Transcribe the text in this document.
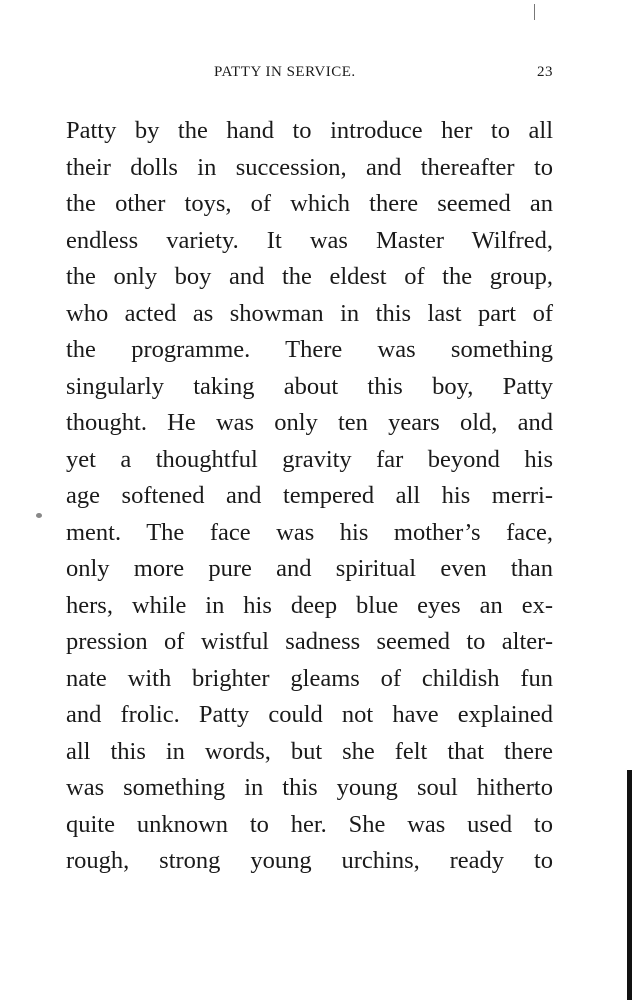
PATTY IN SERVICE.	23
Patty by the hand to introduce her to all
their dolls in succession, and thereafter to
the other toys, of which there seemed an
endless variety. It was Master Wilfred,
the only boy and the eldest of the group,
who acted as showman in this last part of
the programme. There was something
singularly taking about this boy, Patty
thought. He was only ten years old, and
yet a thoughtful gravity far beyond his
age softened and tempered all his merri-
ment. The face was his mother’s face,
only more pure and spiritual even than
hers, while in his deep blue eyes an ex-
pression of wistful sadness seemed to alter-
nate with brighter gleams of childish fun
and frolic. Patty could not have explained
all this in words, but she felt that there
was something in this young soul hitherto
quite unknown to her. She was used to
rough, strong young urchins, ready to
